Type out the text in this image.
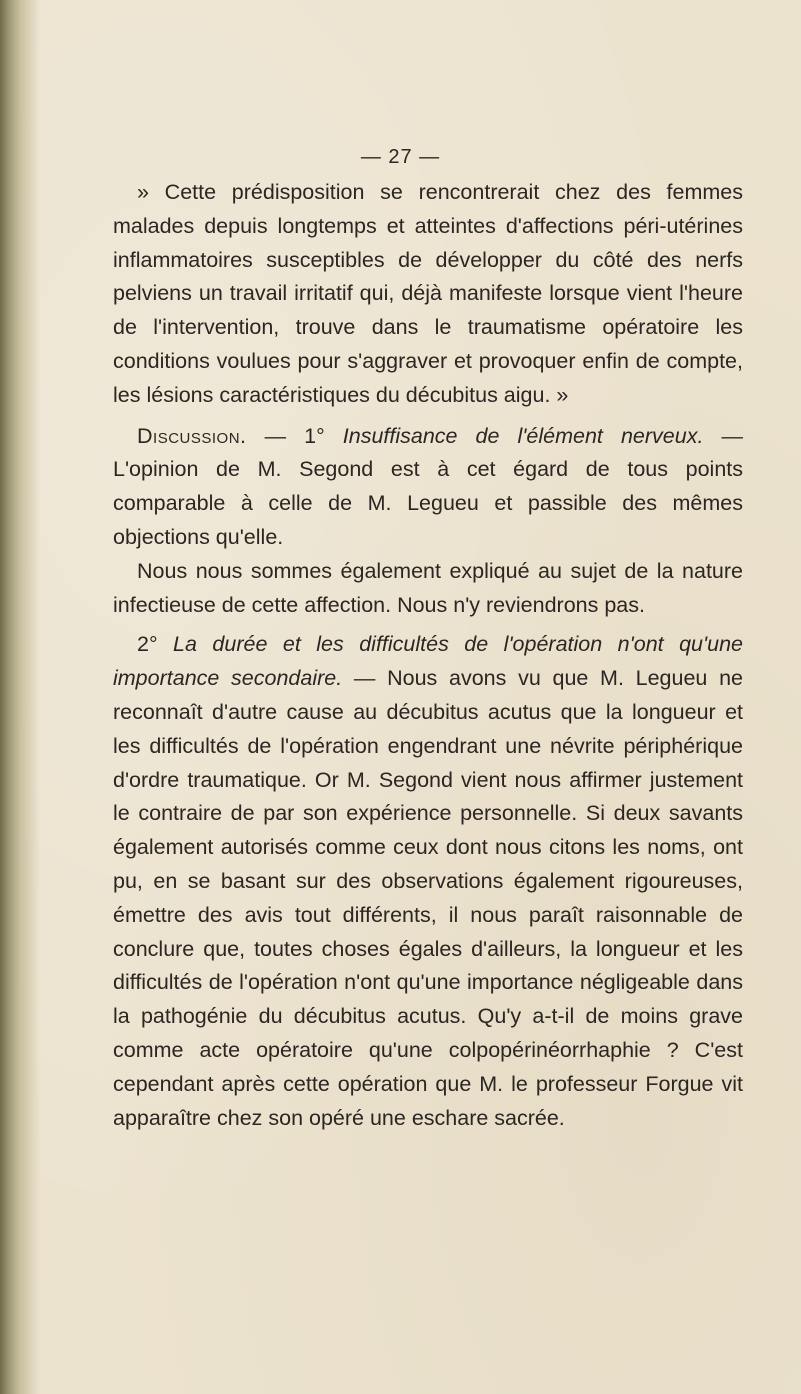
— 27 —

» Cette prédisposition se rencontrerait chez des femmes malades depuis longtemps et atteintes d'affections péri-utérines inflammatoires susceptibles de développer du côté des nerfs pelviens un travail irritatif qui, déjà manifeste lorsque vient l'heure de l'intervention, trouve dans le traumatisme opératoire les conditions voulues pour s'aggraver et provoquer enfin de compte, les lésions caractéristiques du décubitus aigu. »

Discussion. — 1° Insuffisance de l'élément nerveux. — L'opinion de M. Segond est à cet égard de tous points comparable à celle de M. Legueu et passible des mêmes objections qu'elle.

Nous nous sommes également expliqué au sujet de la nature infectieuse de cette affection. Nous n'y reviendrons pas.

2° La durée et les difficultés de l'opération n'ont qu'une importance secondaire. — Nous avons vu que M. Legueu ne reconnaît d'autre cause au décubitus acutus que la longueur et les difficultés de l'opération engendrant une névrite périphérique d'ordre traumatique. Or M. Segond vient nous affirmer justement le contraire de par son expérience personnelle. Si deux savants également autorisés comme ceux dont nous citons les noms, ont pu, en se basant sur des observations également rigoureuses, émettre des avis tout différents, il nous paraît raisonnable de conclure que, toutes choses égales d'ailleurs, la longueur et les difficultés de l'opération n'ont qu'une importance négligeable dans la pathogénie du décubitus acutus. Qu'y a-t-il de moins grave comme acte opératoire qu'une colpopérinéorrhaphie ? C'est cependant après cette opération que M. le professeur Forgue vit apparaître chez son opéré une eschare sacrée.
